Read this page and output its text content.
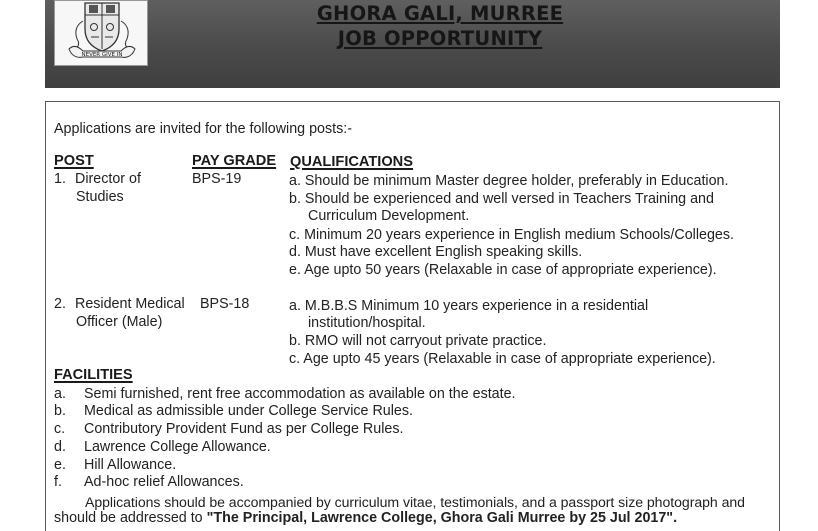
NEVER GIVE IN
GHORA GALI, MURREE
JOB OPPORTUNITY
Applications are invited for the following posts:-
POST	PAY GRADE QUALIFICATIONS
1. Director of
Studies
BPS-19	a. Should be minimum Master degree holder, preferably in Education.
b. Should be experienced and well versed in Teachers Training and
Curriculum Development.
c. Minimum 20 years experience in English medium Schools/Colleges.
d. Must have excellent English speaking skills.
e. Age upto 50 years (Relaxable in case of appropriate experience).
2. Resident Medical
Officer (Male)
BPS-18	a. M.B.B.S Minimum 10 years experience in a residential
institution/hospital.
b. RMO will not carryout private practice.
c. Age upto 45 years (Relaxable in case of appropriate experience).
FACILITIES
a. Semi furnished, rent free accommodation as available on the estate.
b. Medical as admissible under College Service Rules.
c. Contributory Provident Fund as per College Rules.
d. Lawrence College Allowance.
e. Hill Allowance.
f. Ad-hoc relief Allowances.
Applications should be accompanied by curriculum vitae, testimonials, and a passport size photograph and
should be addressed to "The Principal, Lawrence College, Ghora Gali Murree by 25 Jul 2017".
